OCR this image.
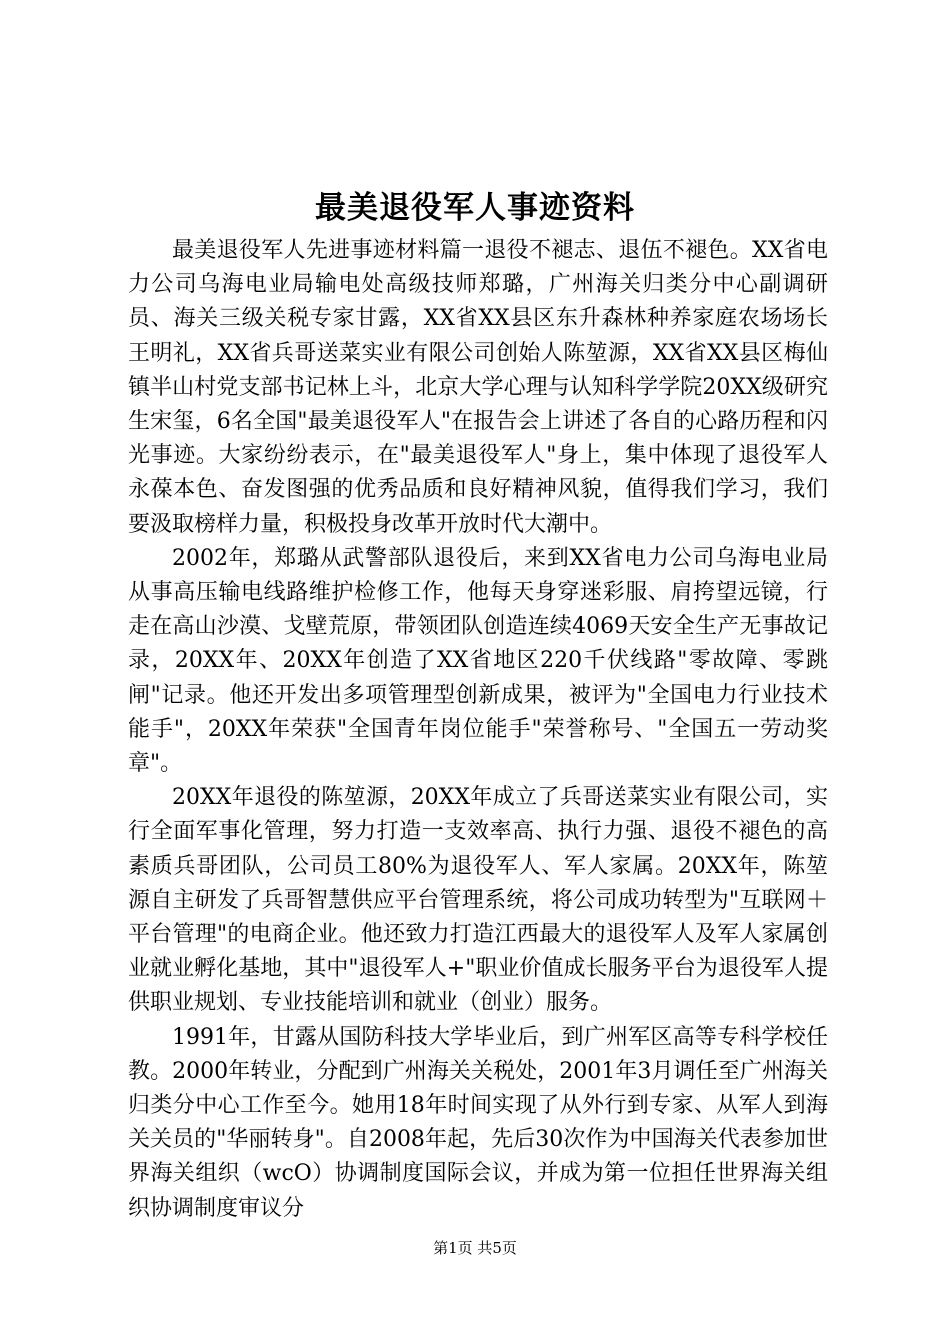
最美退役军人事迹资料

最美退役军人先进事迹材料篇一退役不褪志、退伍不褪色。XX省电力公司乌海电业局输电处高级技师郑璐，广州海关归类分中心副调研员、海关三级关税专家甘露，XX省XX县区东升森林种养家庭农场场长王明礼，XX省兵哥送菜实业有限公司创始人陈堃源，XX省XX县区梅仙镇半山村党支部书记林上斗，北京大学心理与认知科学学院20XX级研究生宋玺，6名全国"最美退役军人"在报告会上讲述了各自的心路历程和闪光事迹。大家纷纷表示，在"最美退役军人"身上，集中体现了退役军人永葆本色、奋发图强的优秀品质和良好精神风貌，值得我们学习，我们要汲取榜样力量，积极投身改革开放时代大潮中。

2002年，郑璐从武警部队退役后，来到XX省电力公司乌海电业局从事高压输电线路维护检修工作，他每天身穿迷彩服、肩挎望远镜，行走在高山沙漠、戈壁荒原，带领团队创造连续4069天安全生产无事故记录，20XX年、20XX年创造了XX省地区220千伏线路"零故障、零跳闸"记录。他还开发出多项管理型创新成果，被评为"全国电力行业技术能手"，20XX年荣获"全国青年岗位能手"荣誉称号、"全国五一劳动奖章"。

20XX年退役的陈堃源，20XX年成立了兵哥送菜实业有限公司，实行全面军事化管理，努力打造一支效率高、执行力强、退役不褪色的高素质兵哥团队，公司员工80%为退役军人、军人家属。20XX年，陈堃源自主研发了兵哥智慧供应平台管理系统，将公司成功转型为"互联网＋平台管理"的电商企业。他还致力打造江西最大的退役军人及军人家属创业就业孵化基地，其中"退役军人+"职业价值成长服务平台为退役军人提供职业规划、专业技能培训和就业（创业）服务。

1991年，甘露从国防科技大学毕业后，到广州军区高等专科学校任教。2000年转业，分配到广州海关关税处，2001年3月调任至广州海关归类分中心工作至今。她用18年时间实现了从外行到专家、从军人到海关关员的"华丽转身"。自2008年起，先后30次作为中国海关代表参加世界海关组织（wcO）协调制度国际会议，并成为第一位担任世界海关组织协调制度审议分

第1页 共5页
